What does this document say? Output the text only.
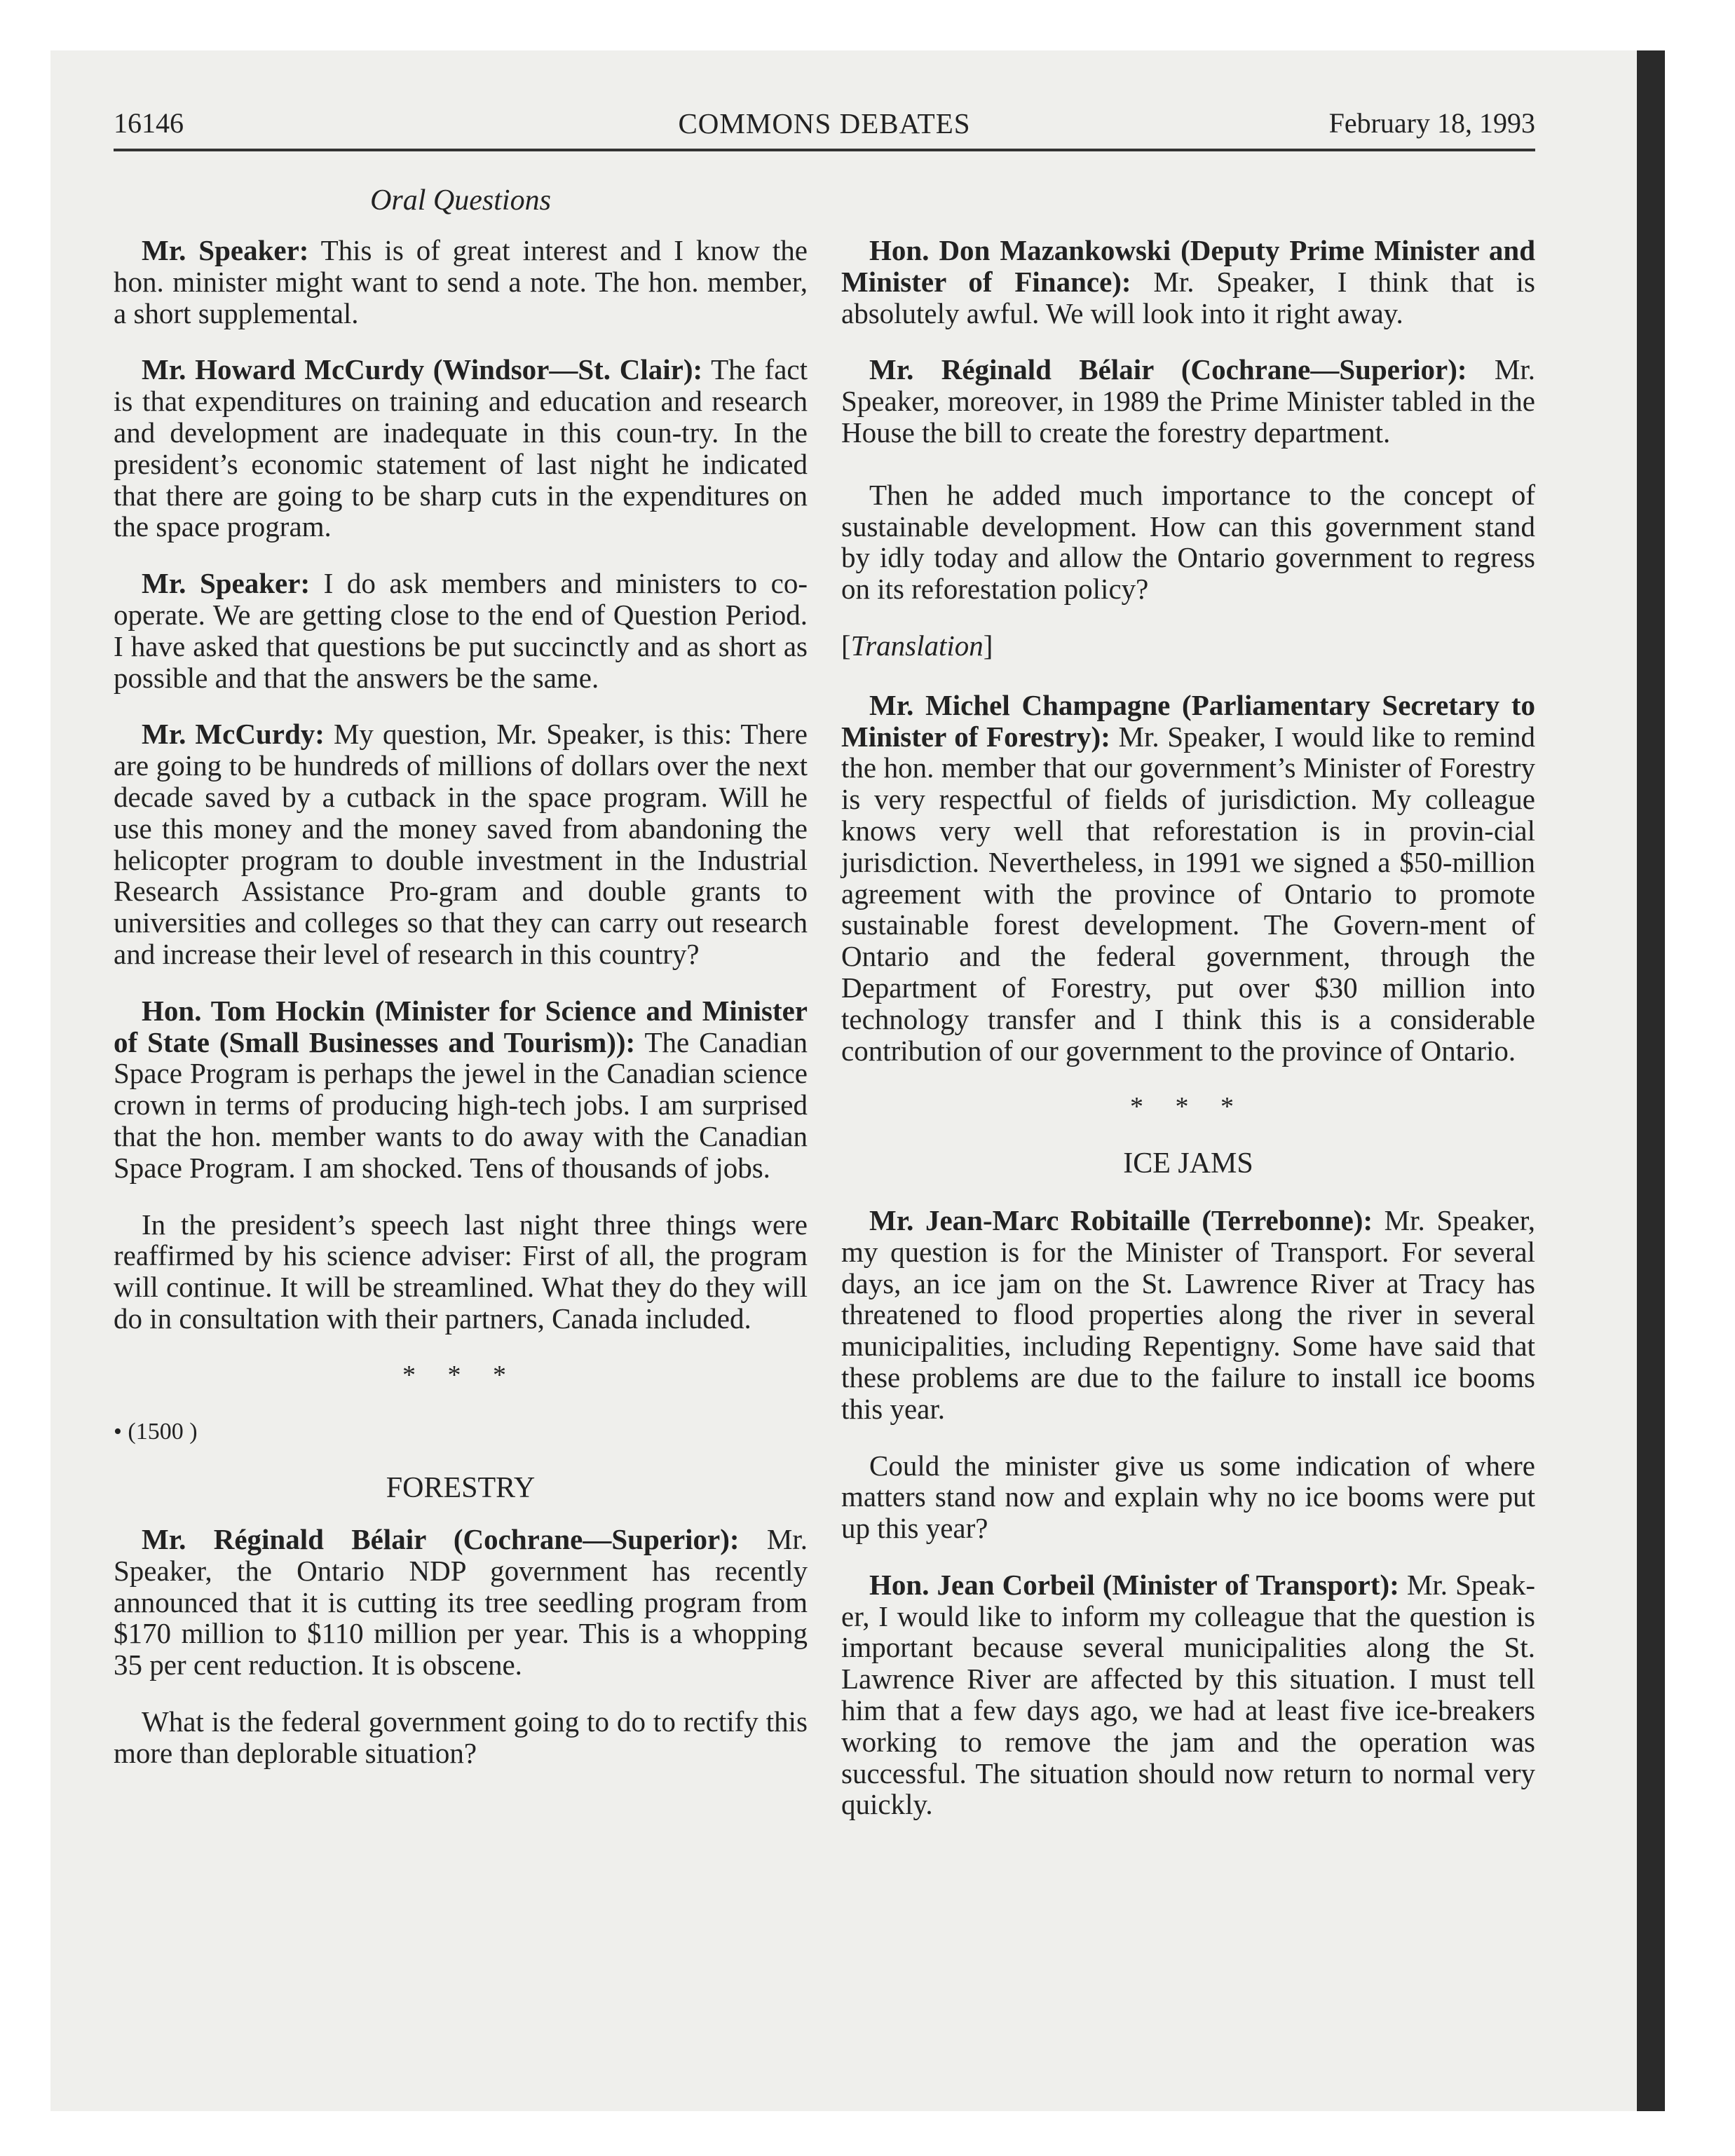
16146	COMMONS DEBATES	February 18, 1993
Oral Questions

Mr. Speaker: This is of great interest and I know the hon. minister might want to send a note. The hon. member, a short supplemental.

Mr. Howard McCurdy (Windsor—St. Clair): The fact is that expenditures on training and education and research and development are inadequate in this coun-try. In the president’s economic statement of last night he indicated that there are going to be sharp cuts in the expenditures on the space program.

Mr. Speaker: I do ask members and ministers to co-operate. We are getting close to the end of Question Period. I have asked that questions be put succinctly and as short as possible and that the answers be the same.

Mr. McCurdy: My question, Mr. Speaker, is this: There are going to be hundreds of millions of dollars over the next decade saved by a cutback in the space program. Will he use this money and the money saved from abandoning the helicopter program to double investment in the Industrial Research Assistance Pro-gram and double grants to universities and colleges so that they can carry out research and increase their level of research in this country?

Hon. Tom Hockin (Minister for Science and Minister of State (Small Businesses and Tourism)): The Canadian Space Program is perhaps the jewel in the Canadian science crown in terms of producing high-tech jobs. I am surprised that the hon. member wants to do away with the Canadian Space Program. I am shocked. Tens of thousands of jobs.

In the president’s speech last night three things were reaffirmed by his science adviser: First of all, the program will continue. It will be streamlined. What they do they will do in consultation with their partners, Canada included.

* * *
• (1500 )
FORESTRY

Mr. Réginald Bélair (Cochrane—Superior): Mr. Speaker, the Ontario NDP government has recently announced that it is cutting its tree seedling program from $170 million to $110 million per year. This is a whopping 35 per cent reduction. It is obscene.

What is the federal government going to do to rectify this more than deplorable situation?

Hon. Don Mazankowski (Deputy Prime Minister and Minister of Finance): Mr. Speaker, I think that is absolutely awful. We will look into it right away.

Mr. Réginald Bélair (Cochrane—Superior): Mr. Speaker, moreover, in 1989 the Prime Minister tabled in the House the bill to create the forestry department.

Then he added much importance to the concept of sustainable development. How can this government stand by idly today and allow the Ontario government to regress on its reforestation policy?

[Translation]

Mr. Michel Champagne (Parliamentary Secretary to Minister of Forestry): Mr. Speaker, I would like to remind the hon. member that our government’s Minister of Forestry is very respectful of fields of jurisdiction. My colleague knows very well that reforestation is in provin-cial jurisdiction. Nevertheless, in 1991 we signed a $50-million agreement with the province of Ontario to promote sustainable forest development. The Govern-ment of Ontario and the federal government, through the Department of Forestry, put over $30 million into technology transfer and I think this is a considerable contribution of our government to the province of Ontario.

* * *
ICE JAMS

Mr. Jean-Marc Robitaille (Terrebonne): Mr. Speaker, my question is for the Minister of Transport. For several days, an ice jam on the St. Lawrence River at Tracy has threatened to flood properties along the river in several municipalities, including Repentigny. Some have said that these problems are due to the failure to install ice booms this year.

Could the minister give us some indication of where matters stand now and explain why no ice booms were put up this year?

Hon. Jean Corbeil (Minister of Transport): Mr. Speak-er, I would like to inform my colleague that the question is important because several municipalities along the St. Lawrence River are affected by this situation. I must tell him that a few days ago, we had at least five ice-breakers working to remove the jam and the operation was successful. The situation should now return to normal very quickly.
